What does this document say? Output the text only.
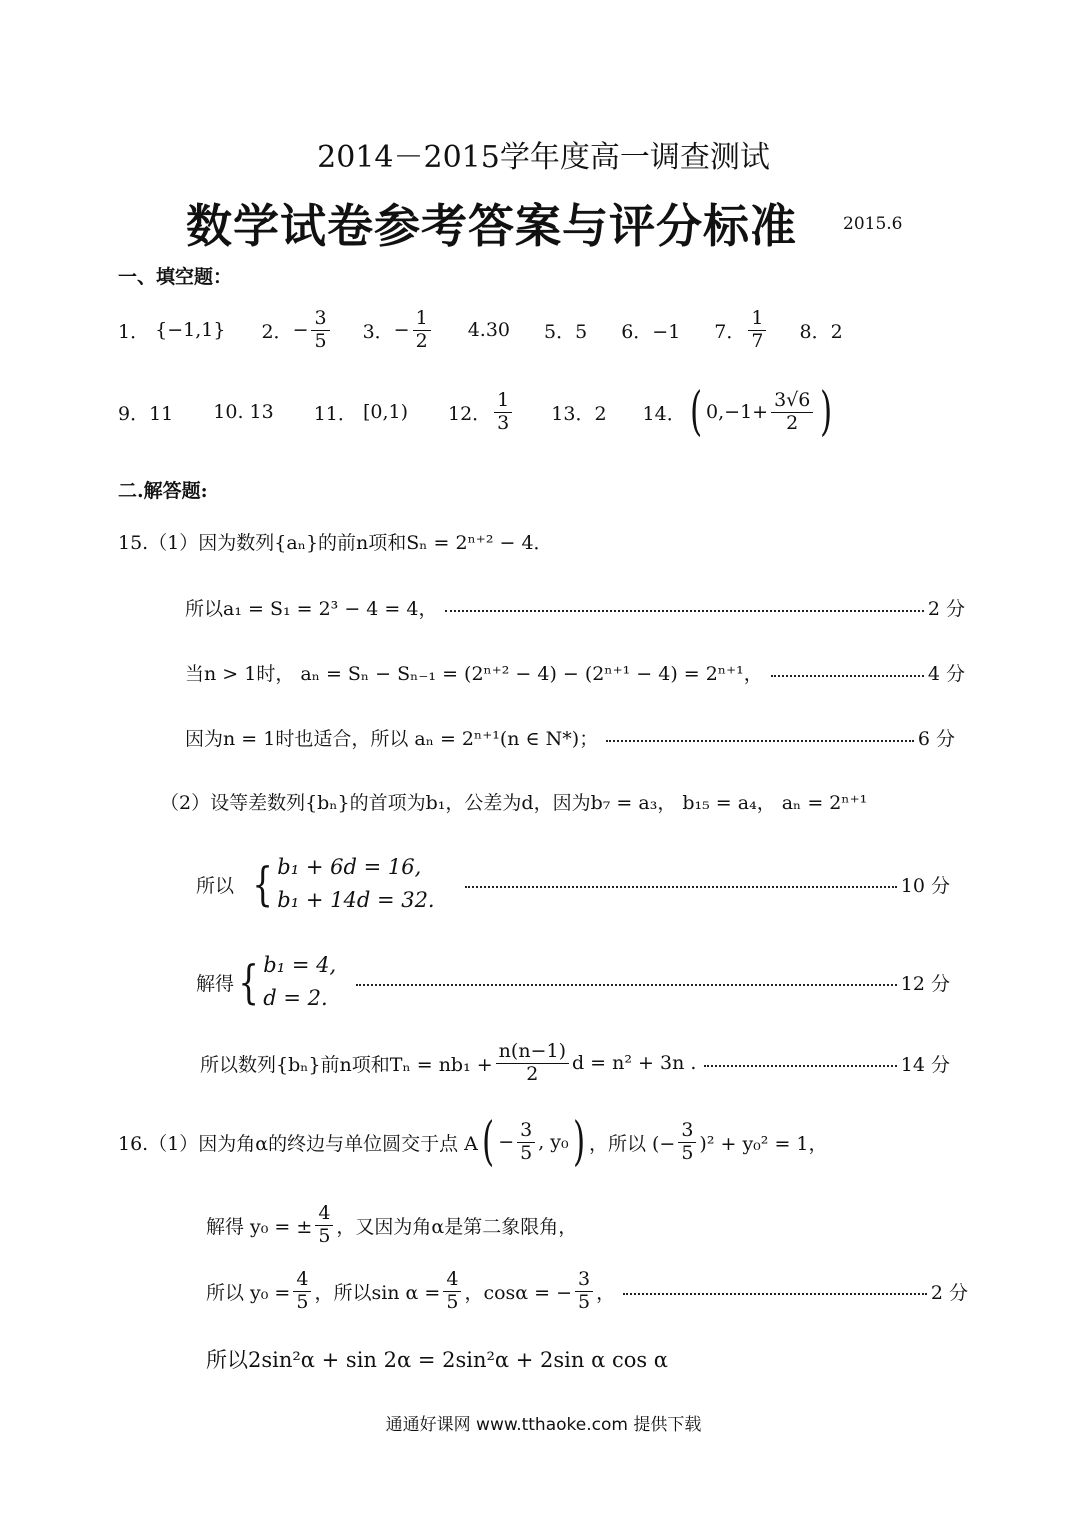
2014－2015学年度高一调查测试
数学试卷参考答案与评分标准	2015.6
一、填空题：
1．
{−1,1} 2． − $\frac{3}{5} 3$． − $\frac{1}{2} 4.30$ 5．5 6．−1 7． $\frac{1}{7} 8$．2
9．11 10. 13 11．
[0,1) 12． $\frac{1}{3} 13$．2 14． ( $0,-1+ \frac{3√6}{2}$ )
二.解答题:
15.（1）因为数列{aₙ}的前n项和Sₙ = 2ⁿ⁺² − 4．
所以a₁ = S₁ = 2³ − 4 = 4，	2 分
当n > 1时， aₙ = Sₙ − Sₙ₋₁ = (2ⁿ⁺² − 4) − (2ⁿ⁺¹ − 4) = 2ⁿ⁺¹，	4 分
因为n = 1时也适合，所以 aₙ = 2ⁿ⁺¹(n ∈ N*)；	6 分
（2）设等差数列{bₙ}的首项为b₁，公差为d，因为b₇ = a₃， b₁₅ = a₄， aₙ = 2ⁿ⁺¹
所以 { b₁ + 6d = 16,
b₁ + 14d = 32.
10 分
解得 { b₁ = 4,
d = 2.
12 分
所以数列{bₙ}前n项和$T_n = nb_1 + \frac{n(n-1)}{2}$ d = n² + 3n .	14 分
16.（1）因为角α的终边与单位圆交于点 A ( − $\frac{3}{5}$ , y₀ ) ，所以 (− $\frac{3}{5} )^2 + y_0^2 = 1$，
解得 y₀ = ± $\frac{4}{5}$ ，又因为角α是第二象限角，
所以 $y_0 = \frac{4}{5}$ ，所以$\sin \alpha = \frac{4}{5}$ ，cosα = − $\frac{3}{5}$ ，	2 分
所以2sin²α + sin 2α = 2sin²α + 2sin α cos α
通通好课网 www.tthaoke.com 提供下载
